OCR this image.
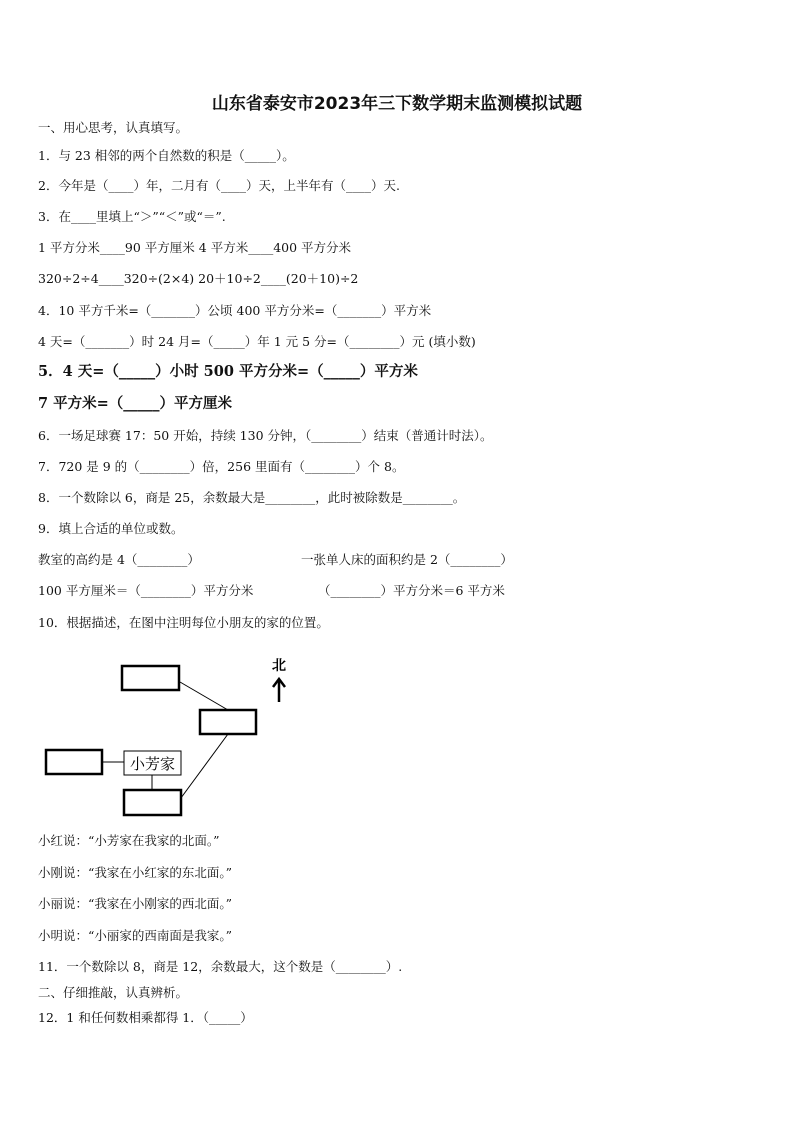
山东省泰安市2023年三下数学期末监测模拟试题
一、用心思考，认真填写。
1．与 23 相邻的两个自然数的积是（_____）。
2．今年是（____）年，二月有（____）天，上半年有（____）天.
3．在____里填上“＞”“＜”或“＝”.
1 平方分米____90 平方厘米 4 平方米____400 平方分米
320÷2÷4____320÷(2×4) 20＋10÷2____(20＋10)÷2
4．10 平方千米=（_______）公顷 400 平方分米=（_______）平方米
4 天=（_______）时 24 月=（_____）年 1 元 5 分=（________）元 (填小数)
5．4 天=（_____）小时 500 平方分米=（_____）平方米
7 平方米=（_____）平方厘米
6．一场足球赛 17：50 开始，持续 130 分钟，（________）结束（普通计时法）。
7．720 是 9 的（________）倍，256 里面有（________）个 8。
8．一个数除以 6，商是 25，余数最大是________，此时被除数是________。
9．填上合适的单位或数。
教室的高约是 4（________）	一张单人床的面积约是 2（________）
100 平方厘米＝（________）平方分米	（________）平方分米＝6 平方米
10．根据描述，在图中注明每位小朋友的家的位置。
小芳家
北
小红说：“小芳家在我家的北面。”
小刚说：“我家在小红家的东北面。”
小丽说：“我家在小刚家的西北面。”
小明说：“小丽家的西南面是我家。”
11．一个数除以 8，商是 12，余数最大，这个数是（________）.
二、仔细推敲，认真辨析。
12．1 和任何数相乘都得 1．（_____）
